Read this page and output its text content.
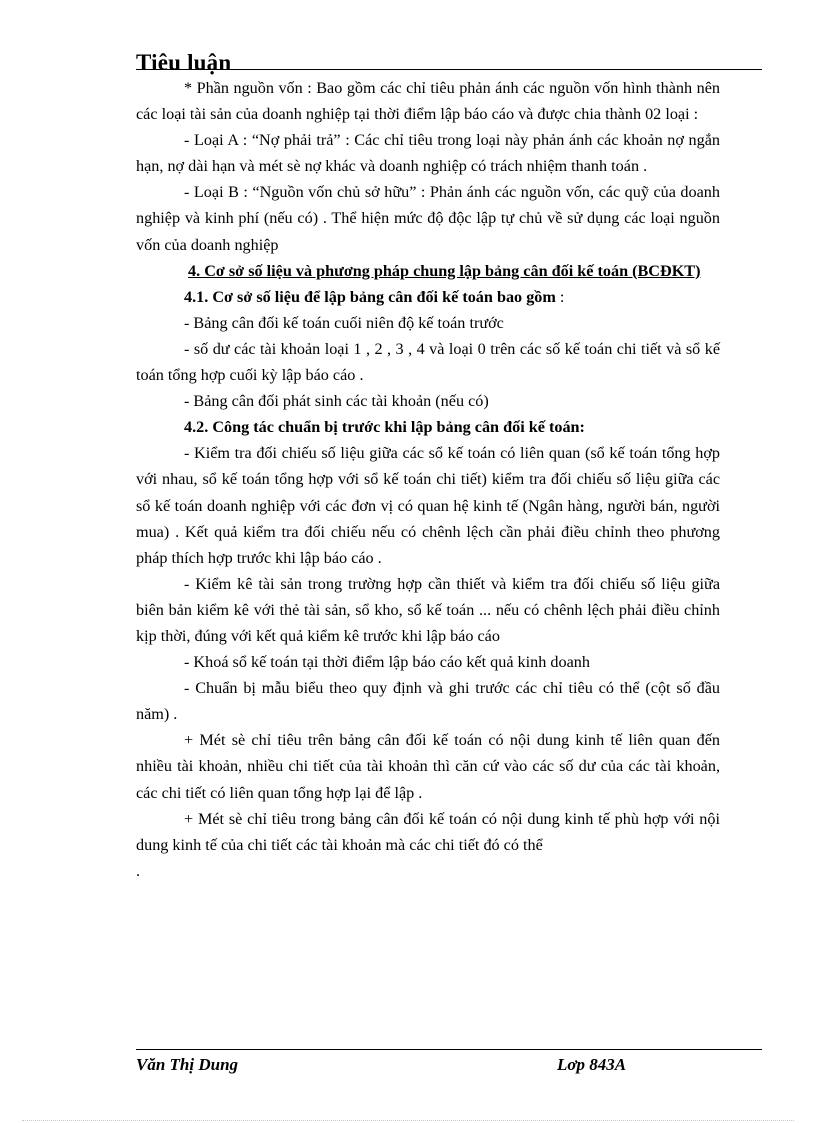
Tiêu luận

* Phần nguồn vốn : Bao gồm các chỉ tiêu phản ánh các nguồn vốn hình thành nên các loại tài sản của doanh nghiệp tại thời điểm lập báo cáo và được chia thành 02 loại :

- Loại A : “Nợ phải trả” : Các chỉ tiêu trong loại này phản ánh các khoản nợ ngắn hạn, nợ dài hạn và mét sè nợ khác và doanh nghiệp có trách nhiệm thanh toán .

- Loại B : “Nguồn vốn chủ sở hữu” : Phản ánh các nguồn vốn, các quỹ của doanh nghiệp và kinh phí (nếu có) . Thể hiện mức độ độc lập tự chủ về sử dụng các loại nguồn vốn của doanh nghiệp

4. Cơ sở số liệu và phương pháp chung lập bảng cân đối kế toán (BCĐKT)

4.1. Cơ sở số liệu để lập bảng cân đối kế toán bao gồm :

- Bảng cân đối kế toán cuối niên độ kế toán trước

- số dư các tài khoản loại 1 , 2 , 3 , 4 và loại 0 trên các số kế toán chi tiết và sổ kế toán tổng hợp cuối kỳ lập báo cáo .

- Bảng cân đối phát sinh các tài khoản (nếu có)

4.2. Công tác chuẩn bị trước khi lập bảng cân đối kế toán:

- Kiểm tra đối chiếu số liệu giữa các sổ kế toán có liên quan (sổ kế toán tổng hợp với nhau, sổ kế toán tổng hợp với sổ kế toán chi tiết) kiểm tra đối chiếu số liệu giữa các sổ kế toán doanh nghiệp với các đơn vị có quan hệ kinh tế (Ngân hàng, người bán, người mua) . Kết quả kiểm tra đối chiếu nếu có chênh lệch cần phải điều chỉnh theo phương pháp thích hợp trước khi lập báo cáo .

- Kiểm kê tài sản trong trường hợp cần thiết và kiểm tra đối chiếu số liệu giữa biên bản kiểm kê với thẻ tài sản, sổ kho, sổ kế toán ... nếu có chênh lệch phải điều chỉnh kịp thời, đúng với kết quả kiểm kê trước khi lập báo cáo

- Khoá sổ kế toán tại thời điểm lập báo cáo kết quả kinh doanh

- Chuẩn bị mẫu biểu theo quy định và ghi trước các chỉ tiêu có thể (cột số đầu năm) .

+ Mét sè chỉ tiêu trên bảng cân đối kế toán có nội dung kinh tế liên quan đến nhiều tài khoản, nhiều chi tiết của tài khoản thì căn cứ vào các số dư của các tài khoản, các chi tiết có liên quan tổng hợp lại để lập .

+ Mét sè chỉ tiêu trong bảng cân đối kế toán có nội dung kinh tế phù hợp với nội dung kinh tế của chi tiết các tài khoản mà các chi tiết đó có thể

.

Văn Thị Dung	Lơp 843A
